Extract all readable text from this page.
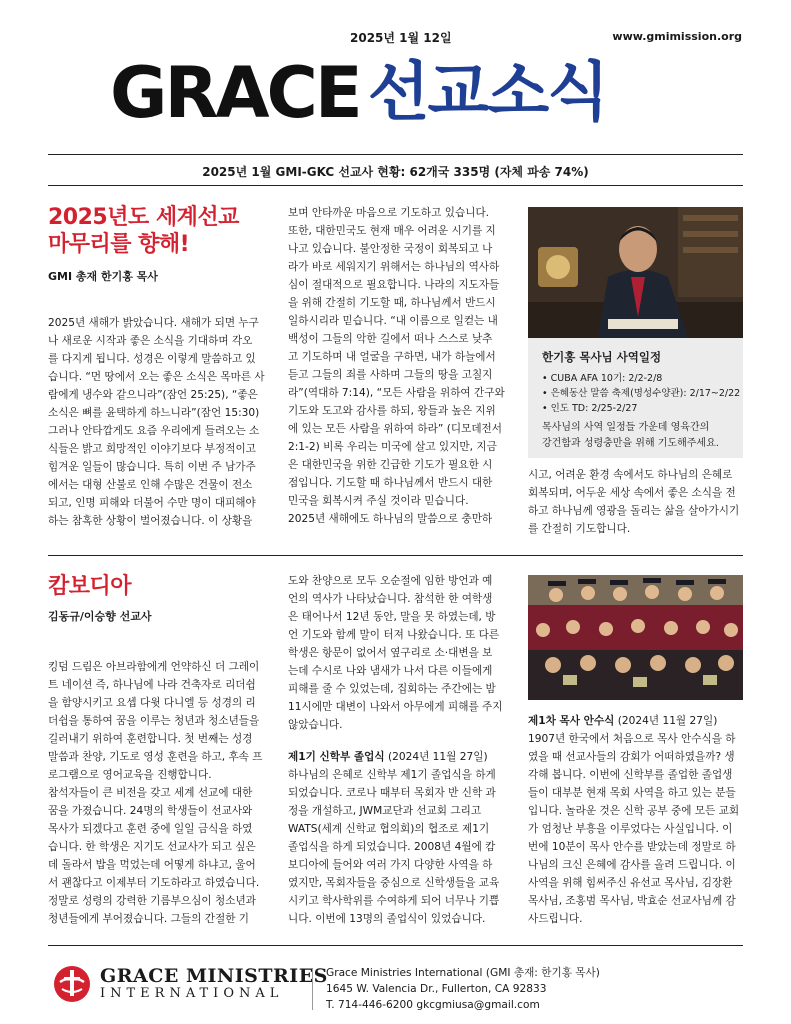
2025년 1월 12일	www.gmimission.org
GRACE 선교소식
2025년 1월 GMI-GKC 선교사 현황: 62개국 335명 (자체 파송 74%)
2025년도 세계선교
마무리를 향해!

GMI 총재 한기홍 목사

2025년 새해가 밝았습니다. 새해가 되면 누구

나 새로운 시작과 좋은 소식을 기대하며 각오

를 다지게 됩니다. 성경은 이렇게 말씀하고 있

습니다. “먼 땅에서 오는 좋은 소식은 목마른 사

람에게 냉수와 같으니라”(잠언 25:25), “좋은

소식은 뼈를 윤택하게 하느니라”(잠언 15:30)

그러나 안타깝게도 요즘 우리에게 들려오는 소

식들은 밝고 희망적인 이야기보다 부정적이고

힘겨운 일들이 많습니다. 특히 이번 주 남가주

에서는 대형 산불로 인해 수많은 건물이 전소

되고, 인명 피해와 더불어 수만 명이 대피해야

하는 참혹한 상황이 벌어졌습니다. 이 상황을

보며 안타까운 마음으로 기도하고 있습니다.

또한, 대한민국도 현재 매우 어려운 시기를 지

나고 있습니다. 불안정한 국정이 회복되고 나

라가 바로 세워지기 위해서는 하나님의 역사하

심이 절대적으로 필요합니다. 나라의 지도자들

을 위해 간절히 기도할 때, 하나님께서 반드시

일하시리라 믿습니다. “내 이름으로 일컫는 내

백성이 그들의 악한 길에서 떠나 스스로 낮추

고 기도하며 내 얼굴을 구하면, 내가 하늘에서

듣고 그들의 죄를 사하며 그들의 땅을 고칠지

라”(역대하 7:14), “모든 사람을 위하여 간구와

기도와 도고와 감사를 하되, 왕들과 높은 지위

에 있는 모든 사람을 위하여 하라” (디모데전서

2:1-2) 비록 우리는 미국에 살고 있지만, 지금

은 대한민국을 위한 긴급한 기도가 필요한 시

점입니다. 기도할 때 하나님께서 반드시 대한

민국을 회복시켜 주실 것이라 믿습니다.

2025년 새해에도 하나님의 말씀으로 충만하

한기홍 목사님 사역일정
• CUBA AFA 10기: 2/2-2/8
• 은혜동산 말씀 축제(명성수양관): 2/17~2/22
• 인도 TD: 2/25-2/27
목사님의 사역 일정들 가운데 영육간의
강건함과 성령충만을 위해 기도해주세요.

시고, 어려운 환경 속에서도 하나님의 은혜로

회복되며, 어두운 세상 속에서 좋은 소식을 전

하고 하나님께 영광을 돌리는 삶을 살아가시기

를 간절히 기도합니다.

캄보디아

김동규/이승향 선교사

킹덤 드림은 아브라함에게 언약하신 더 그레이

트 네이션 즉, 하나님에 나라 건축자로 리더쉽

을 함양시키고 요셉 다윗 다니엘 등 성경의 리

더쉽을 통하여 꿈을 이루는 청년과 청소년들을

길러내기 위하여 훈련합니다. 첫 번째는 성경

말씀과 찬양, 기도로 영성 훈련을 하고, 후속 프

로그램으로 영어교육을 진행합니다.

참석자들이 큰 비전을 갖고 세계 선교에 대한

꿈을 가졌습니다. 24명의 학생들이 선교사와

목사가 되겠다고 훈련 중에 일일 금식을 하였

습니다. 한 학생은 지기도 선교사가 되고 싶은

데 돌라서 밥을 먹었는데 어떻게 하냐고, 울어

서 괜찮다고 이제부터 기도하라고 하였습니다.

정말로 성령의 강력한 기름부으심이 청소년과

청년들에게 부어졌습니다. 그들의 간절한 기

도와 찬양으로 모두 오순절에 임한 방언과 예

언의 역사가 나타났습니다. 참석한 한 여학생

은 태어나서 12년 동안, 말을 못 하였는데, 방

언 기도와 함께 말이 터져 나왔습니다. 또 다른

학생은 항문이 없어서 옆구리로 소·대변을 보

는데 수시로 나와 냄새가 나서 다른 이들에게

피해를 줄 수 있었는데, 집회하는 주간에는 밤

11시에만 대변이 나와서 아무에게 피해를 주지

않았습니다.

제1기 신학부 졸업식 (2024년 11월 27일)

하나님의 은혜로 신학부 제1기 졸업식을 하게

되었습니다. 코로나 때부터 목회자 반 신학 과

정을 개설하고, JWM교단과 선교회 그리고

WATS(세계 신학교 협의회)의 협조로 제1기

졸업식을 하게 되었습니다. 2008년 4월에 캄

보디아에 들어와 여러 가지 다양한 사역을 하

였지만, 목회자들을 중심으로 신학생들을 교육

시키고 학사학위를 수여하게 되어 너무나 기쁩

니다. 이번에 13명의 졸업식이 있었습니다.

제1차 목사 안수식 (2024년 11월 27일)

1907년 한국에서 처음으로 목사 안수식을 하

였을 때 선교사들의 감회가 어떠하였을까? 생

각해 봅니다. 이번에 신학부를 졸업한 졸업생

들이 대부분 현재 목회 사역을 하고 있는 분들

입니다. 놀라운 것은 신학 공부 중에 모든 교회

가 엄청난 부흥을 이루었다는 사실입니다. 이

번에 10분이 목사 안수를 받았는데 정말로 하

나님의 크신 은혜에 감사를 올려 드립니다. 이

사역을 위해 힘써주신 유선교 목사님, 김장환

목사님, 조홍범 목사님, 박효순 선교사님께 감

사드립니다.

GRACE MINISTRIES
INTERNATIONAL
Grace Ministries International (GMI 총재: 한기홍 목사)
1645 W. Valencia Dr., Fullerton, CA 92833
T. 714-446-6200 gkcgmiusa@gmail.com
